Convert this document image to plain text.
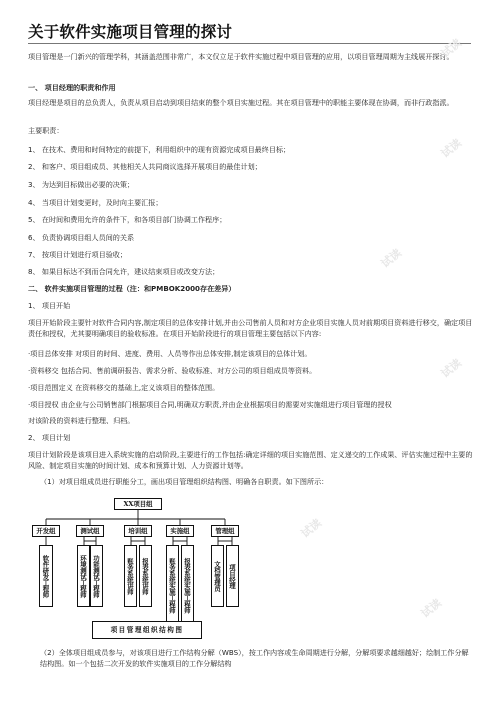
关于软件实施项目管理的探讨
项目管理是一门新兴的管理学科，其涵盖范围非常广，本文仅立足于软件实施过程中项目管理的应用，以项目管理周期为主线展开探讨。
一、 项目经理的职责和作用
项目经理是项目的总负责人，负责从项目启动到项目结束的整个项目实施过程。其在项目管理中的职能主要体现在协调，而非行政指派。
主要职责：
1、 在技术、费用和时间特定的前提下，利用组织中的现有资源完成项目最终目标；
2、 和客户、项目组成员、其他相关人共同商议选择开展项目的最佳计划；
3、 为达到目标做出必要的决策；
4、 当项目计划变更时，及时向主要汇报；
5、 在时间和费用允许的条件下，和各项目部门协调工作程序；
6、 负责协调项目组人员间的关系
7、 按项目计划进行项目验收；
8、 如果目标达不到而合同允许，建议结束项目或改变方法；
二、 软件实施项目管理的过程（注：和PMBOK2000存在差异）
1、 项目开始
项目开始阶段主要针对软件合同内容,制定项目的总体安排计划,并由公司售前人员和对方企业项目实施人员对前期项目资料进行移交，确定项目责任和授权，尤其要明确项目的验收标准。在项目开始阶段进行的项目管理主要包括以下内容:
·项目总体安排 对项目的时间、进度、费用、人员等作出总体安排,制定该项目的总体计划。
·资料移交 包括合同、售前调研报告、需求分析、验收标准、对方公司的项目组成员等资料。
·项目范围定义 在资料移交的基础上,定义该项目的整体范围。
·项目授权 由企业与公司销售部门根据项目合同,明确双方职责,并由企业根据项目的需要对实施组进行项目管理的授权
对该阶段的资料进行整理、归档。
2、 项目计划
项目计划阶段是该项目进入系统实施的启动阶段,主要进行的工作包括:确定详细的项目实施范围、定义递交的工作成果、评估实施过程中主要的风险、制定项目实施的时间计划、成本和预算计划、人力资源计划等。
（1）对项目组成员进行职能分工，画出项目管理组织结构图、明确各自职责。如下图所示：
XX项目组
开发组	测试组	培训组	实施组	管理组
软件研发工程师	环境测试工程师 功能测试工程师	账务系统讲师	报表系统讲师	账务系统实施工程师	报表系统实施工程师	文档管理员	项目经理
项目管理组织结构图
（2）全体项目组成员参与，对该项目进行工作结构分解（WBS），按工作内容或生命周期进行分解，分解项要求越细越好；绘制工作分解结构图。如一个包括二次开发的软件实施项目的工作分解结构
试读
试读
试读
试读
试读
试读
